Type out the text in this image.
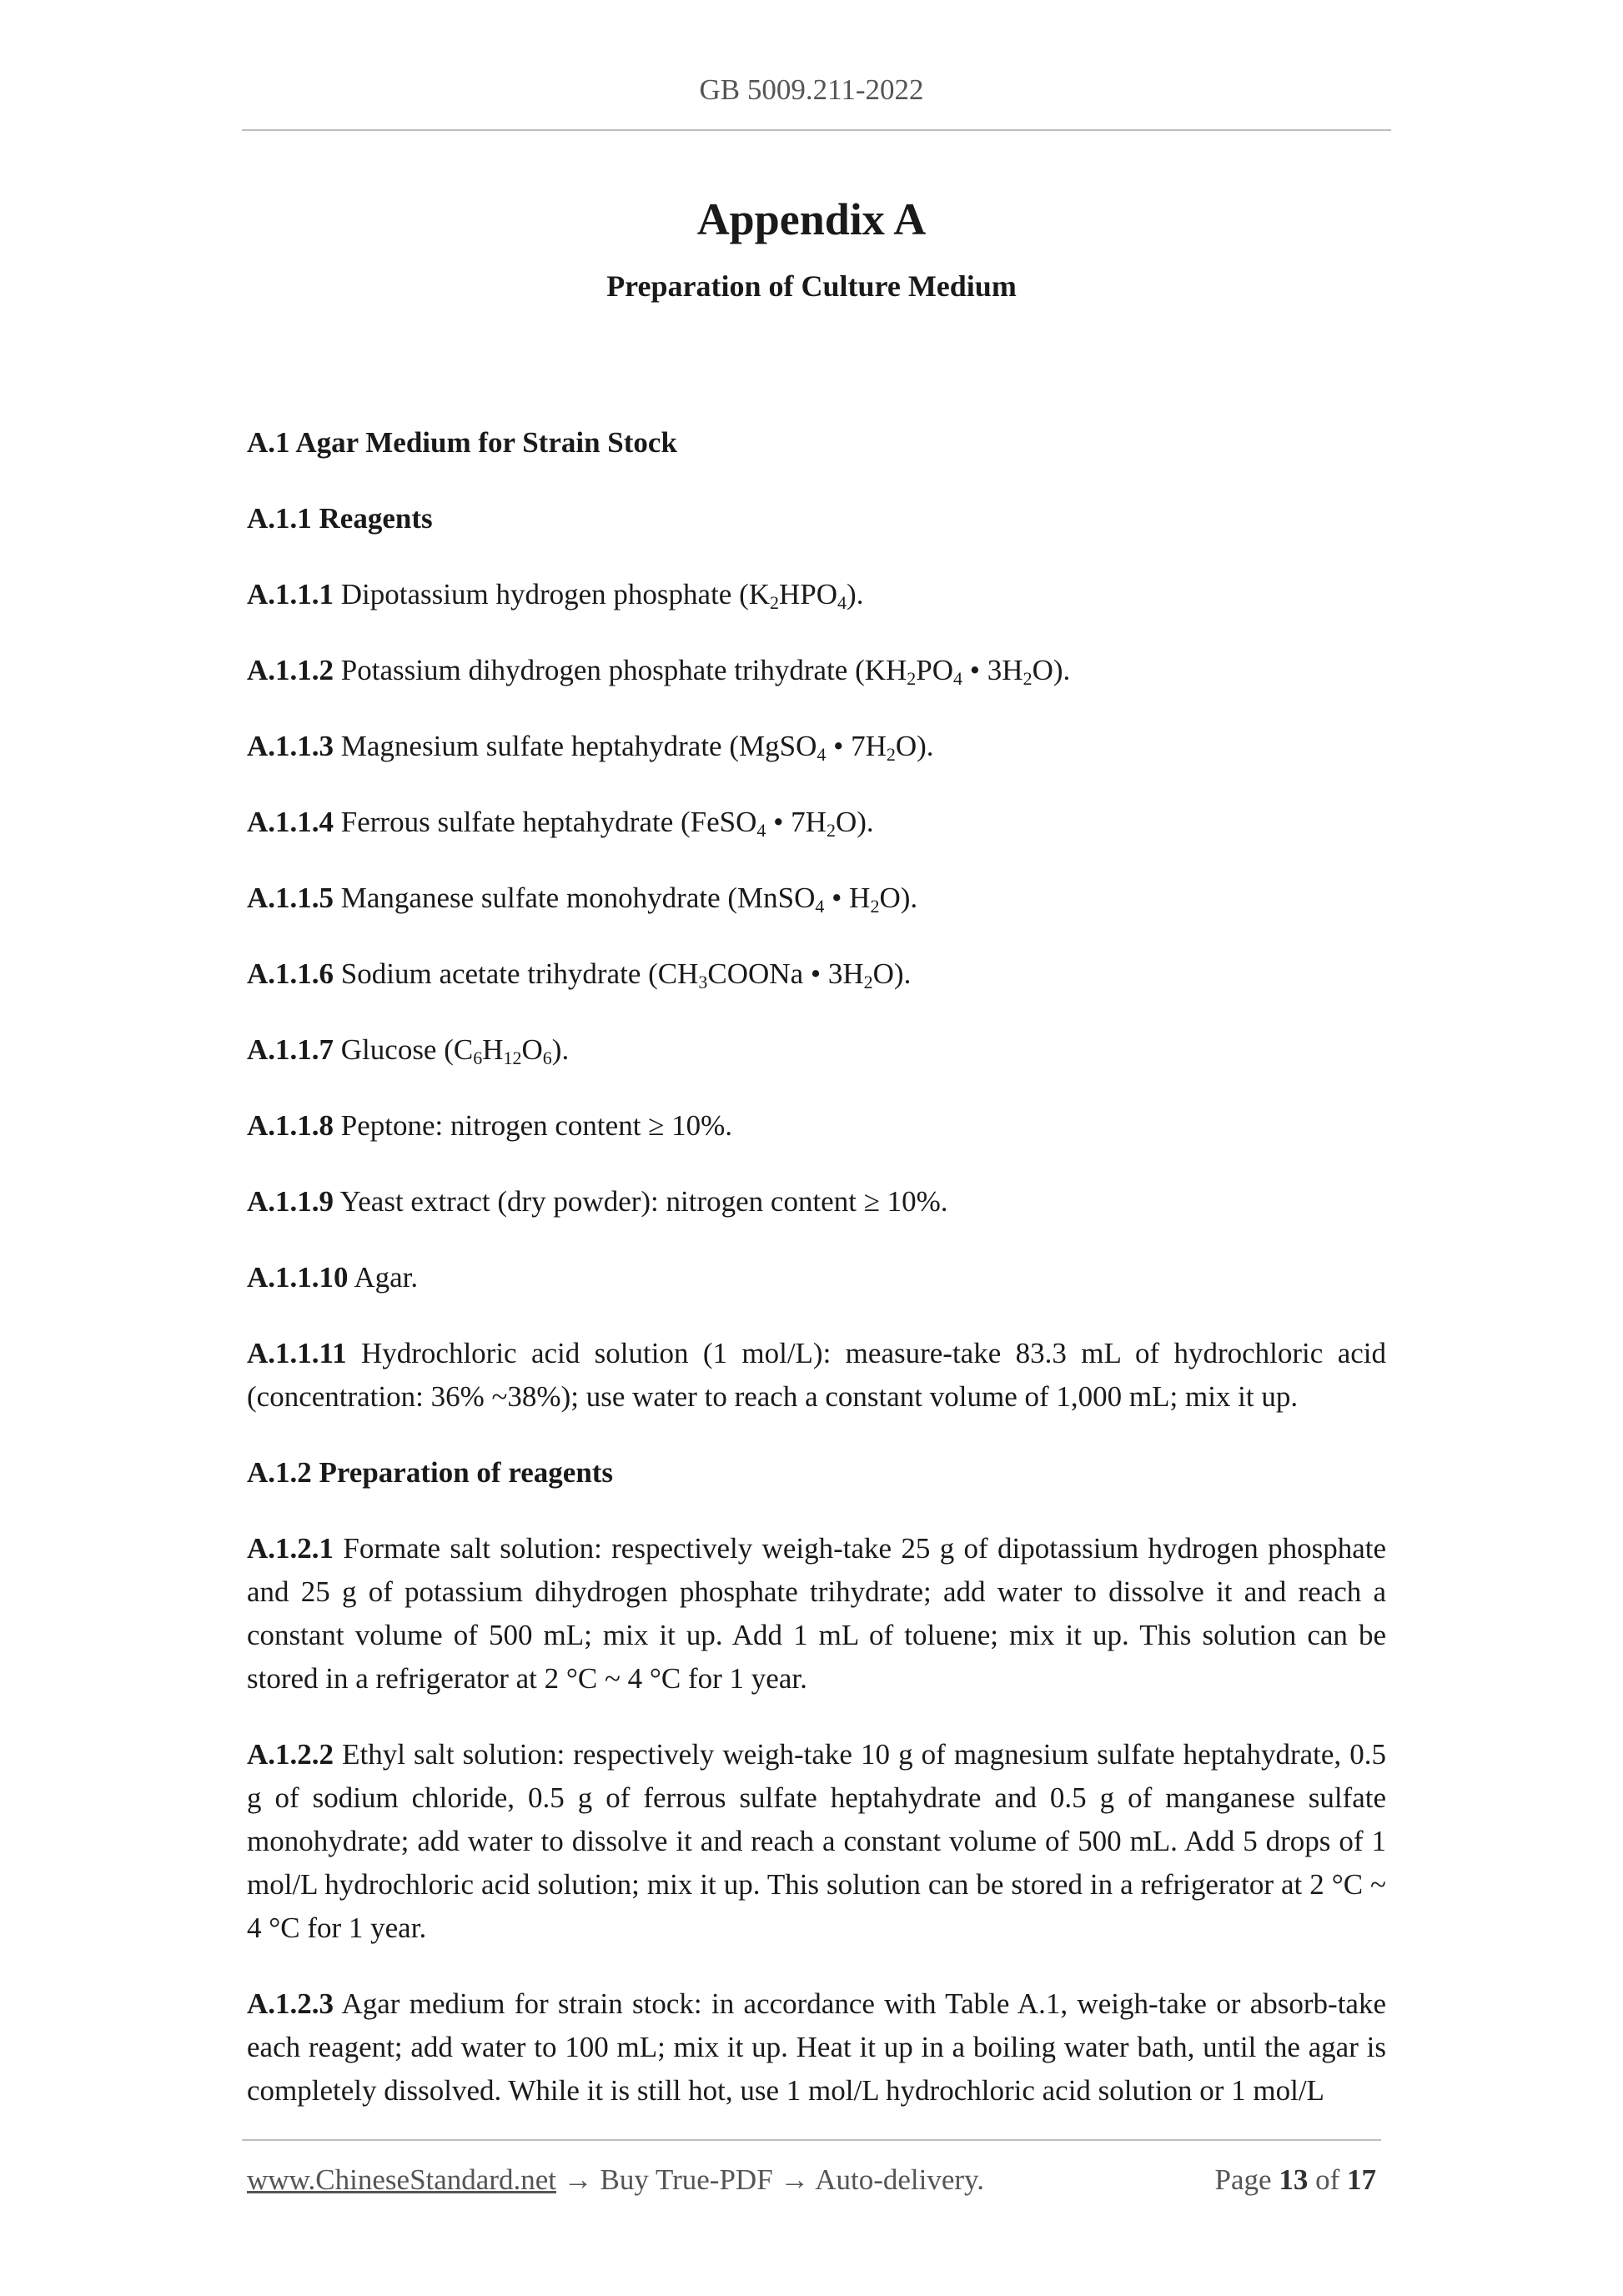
GB 5009.211-2022
Appendix A
Preparation of Culture Medium
A.1 Agar Medium for Strain Stock
A.1.1 Reagents
A.1.1.1 Dipotassium hydrogen phosphate $(K_2HPO_4)$.
A.1.1.2 Potassium dihydrogen phosphate trihydrate ($KH_2PO_4$ • $3H_2O$).
A.1.1.3 Magnesium sulfate heptahydrate (MgSO$_4$ • $7H_2O$).
A.1.1.4 Ferrous sulfate heptahydrate (FeSO$_4$ • $7H_2O$).
A.1.1.5 Manganese sulfate monohydrate (MnSO$_4$ • $H_2O$).
A.1.1.6 Sodium acetate trihydrate ($CH_3COONa$ • $3H_2O$).
A.1.1.7 Glucose $(C_6H_{12}O_6)$.
A.1.1.8 Peptone: nitrogen content ≥ 10%.
A.1.1.9 Yeast extract (dry powder): nitrogen content ≥ 10%.
A.1.1.10 Agar.
A.1.1.11 Hydrochloric acid solution (1 mol/L): measure-take 83.3 mL of hydrochloric acid (concentration: 36% ~38%); use water to reach a constant volume of 1,000 mL; mix it up.
A.1.2 Preparation of reagents
A.1.2.1 Formate salt solution: respectively weigh-take 25 g of dipotassium hydrogen phosphate and 25 g of potassium dihydrogen phosphate trihydrate; add water to dissolve it and reach a constant volume of 500 mL; mix it up. Add 1 mL of toluene; mix it up. This solution can be stored in a refrigerator at 2 °C ~ 4 °C for 1 year.
A.1.2.2 Ethyl salt solution: respectively weigh-take 10 g of magnesium sulfate heptahydrate, 0.5 g of sodium chloride, 0.5 g of ferrous sulfate heptahydrate and 0.5 g of manganese sulfate monohydrate; add water to dissolve it and reach a constant volume of 500 mL. Add 5 drops of 1 mol/L hydrochloric acid solution; mix it up. This solution can be stored in a refrigerator at 2 °C ~ 4 °C for 1 year.
A.1.2.3 Agar medium for strain stock: in accordance with Table A.1, weigh-take or absorb-take each reagent; add water to 100 mL; mix it up. Heat it up in a boiling water bath, until the agar is completely dissolved. While it is still hot, use 1 mol/L hydrochloric acid solution or 1 mol/L
www.ChineseStandard.net → Buy True-PDF → Auto-delivery.	Page 13 of 17
